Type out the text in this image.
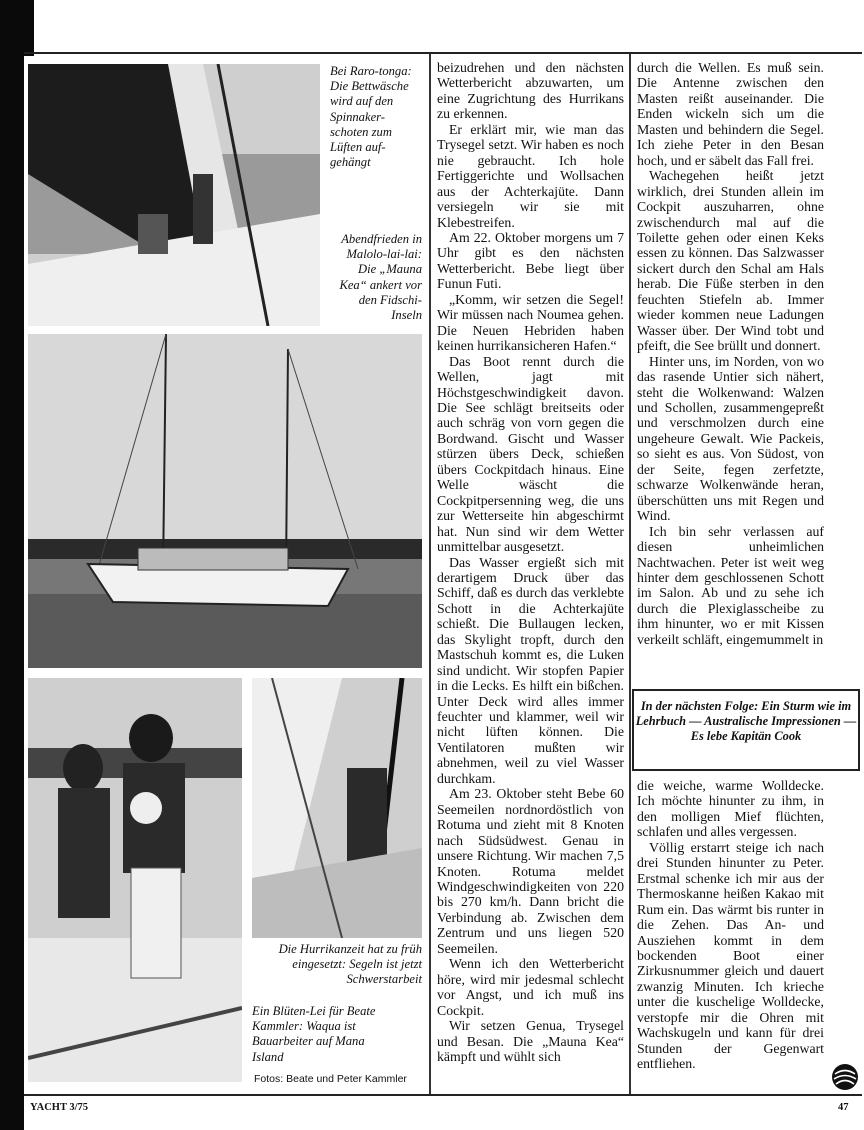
Bei Raro-tonga: Die Bettwäsche wird auf den Spinnaker-schoten zum Lüften auf-gehängt

Abendfrieden in Malolo-lai-lai: Die „Mauna Kea“ ankert vor den Fidschi-Inseln

Die Hurrikanzeit hat zu früh eingesetzt: Segeln ist jetzt Schwerstarbeit

Ein Blüten-Lei für Beate Kammler: Waqua ist Bauarbeiter auf Mana Island

Fotos: Beate und Peter Kammler

beizudrehen und den nächsten Wetterbericht abzuwarten, um eine Zugrichtung des Hurrikans zu erkennen.

Er erklärt mir, wie man das Trysegel setzt. Wir haben es noch nie gebraucht. Ich hole Fertiggerichte und Wollsachen aus der Achterkajüte. Dann versiegeln wir sie mit Klebestreifen.

Am 22. Oktober morgens um 7 Uhr gibt es den nächsten Wetterbericht. Bebe liegt über Funun Futi.

„Komm, wir setzen die Segel! Wir müssen nach Noumea gehen. Die Neuen Hebriden haben keinen hurrikansicheren Hafen.“

Das Boot rennt durch die Wellen, jagt mit Höchstgeschwindigkeit davon. Die See schlägt breitseits oder auch schräg von vorn gegen die Bordwand. Gischt und Wasser stürzen übers Deck, schießen übers Cockpitdach hinaus. Eine Welle wäscht die Cockpitpersenning weg, die uns zur Wetterseite hin abgeschirmt hat. Nun sind wir dem Wetter unmittelbar ausgesetzt.

Das Wasser ergießt sich mit derartigem Druck über das Schiff, daß es durch das verklebte Schott in die Achterkajüte schießt. Die Bullaugen lecken, das Skylight tropft, durch den Mastschuh kommt es, die Luken sind undicht. Wir stopfen Papier in die Lecks. Es hilft ein bißchen. Unter Deck wird alles immer feuchter und klammer, weil wir nicht lüften können. Die Ventilatoren mußten wir abnehmen, weil zu viel Wasser durchkam.

Am 23. Oktober steht Bebe 60 Seemeilen nordnordöstlich von Rotuma und zieht mit 8 Knoten nach Südsüdwest. Genau in unsere Richtung. Wir machen 7,5 Knoten. Rotuma meldet Windgeschwindigkeiten von 220 bis 270 km/h. Dann bricht die Verbindung ab. Zwischen dem Zentrum und uns liegen 520 Seemeilen.

Wenn ich den Wetterbericht höre, wird mir jedesmal schlecht vor Angst, und ich muß ins Cockpit.

Wir setzen Genua, Trysegel und Besan. Die „Mauna Kea“ kämpft und wühlt sich

durch die Wellen. Es muß sein. Die Antenne zwischen den Masten reißt auseinander. Die Enden wickeln sich um die Masten und behindern die Segel. Ich ziehe Peter in den Besan hoch, und er säbelt das Fall frei.

Wachegehen heißt jetzt wirklich, drei Stunden allein im Cockpit auszuharren, ohne zwischendurch mal auf die Toilette gehen oder einen Keks essen zu können. Das Salzwasser sickert durch den Schal am Hals herab. Die Füße sterben in den feuchten Stiefeln ab. Immer wieder kommen neue Ladungen Wasser über. Der Wind tobt und pfeift, die See brüllt und donnert.

Hinter uns, im Norden, von wo das rasende Untier sich nähert, steht die Wolkenwand: Walzen und Schollen, zusammengepreßt und verschmolzen durch eine ungeheure Gewalt. Wie Packeis, so sieht es aus. Von Südost, von der Seite, fegen zerfetzte, schwarze Wolkenwände heran, überschütten uns mit Regen und Wind.

Ich bin sehr verlassen auf diesen unheimlichen Nachtwachen. Peter ist weit weg hinter dem geschlossenen Schott im Salon. Ab und zu sehe ich durch die Plexiglasscheibe zu ihm hinunter, wo er mit Kissen verkeilt schläft, eingemummelt in

In der nächsten Folge: Ein Sturm wie im Lehrbuch — Australische Impressionen — Es lebe Kapitän Cook

die weiche, warme Wolldecke. Ich möchte hinunter zu ihm, in den molligen Mief flüchten, schlafen und alles vergessen.

Völlig erstarrt steige ich nach drei Stunden hinunter zu Peter. Erstmal schenke ich mir aus der Thermoskanne heißen Kakao mit Rum ein. Das wärmt bis runter in die Zehen. Das An- und Ausziehen kommt in dem bockenden Boot einer Zirkusnummer gleich und dauert zwanzig Minuten. Ich krieche unter die kuschelige Wolldecke, verstopfe mir die Ohren mit Wachskugeln und kann für drei Stunden der Gegenwart entfliehen.

YACHT 3/75	47
